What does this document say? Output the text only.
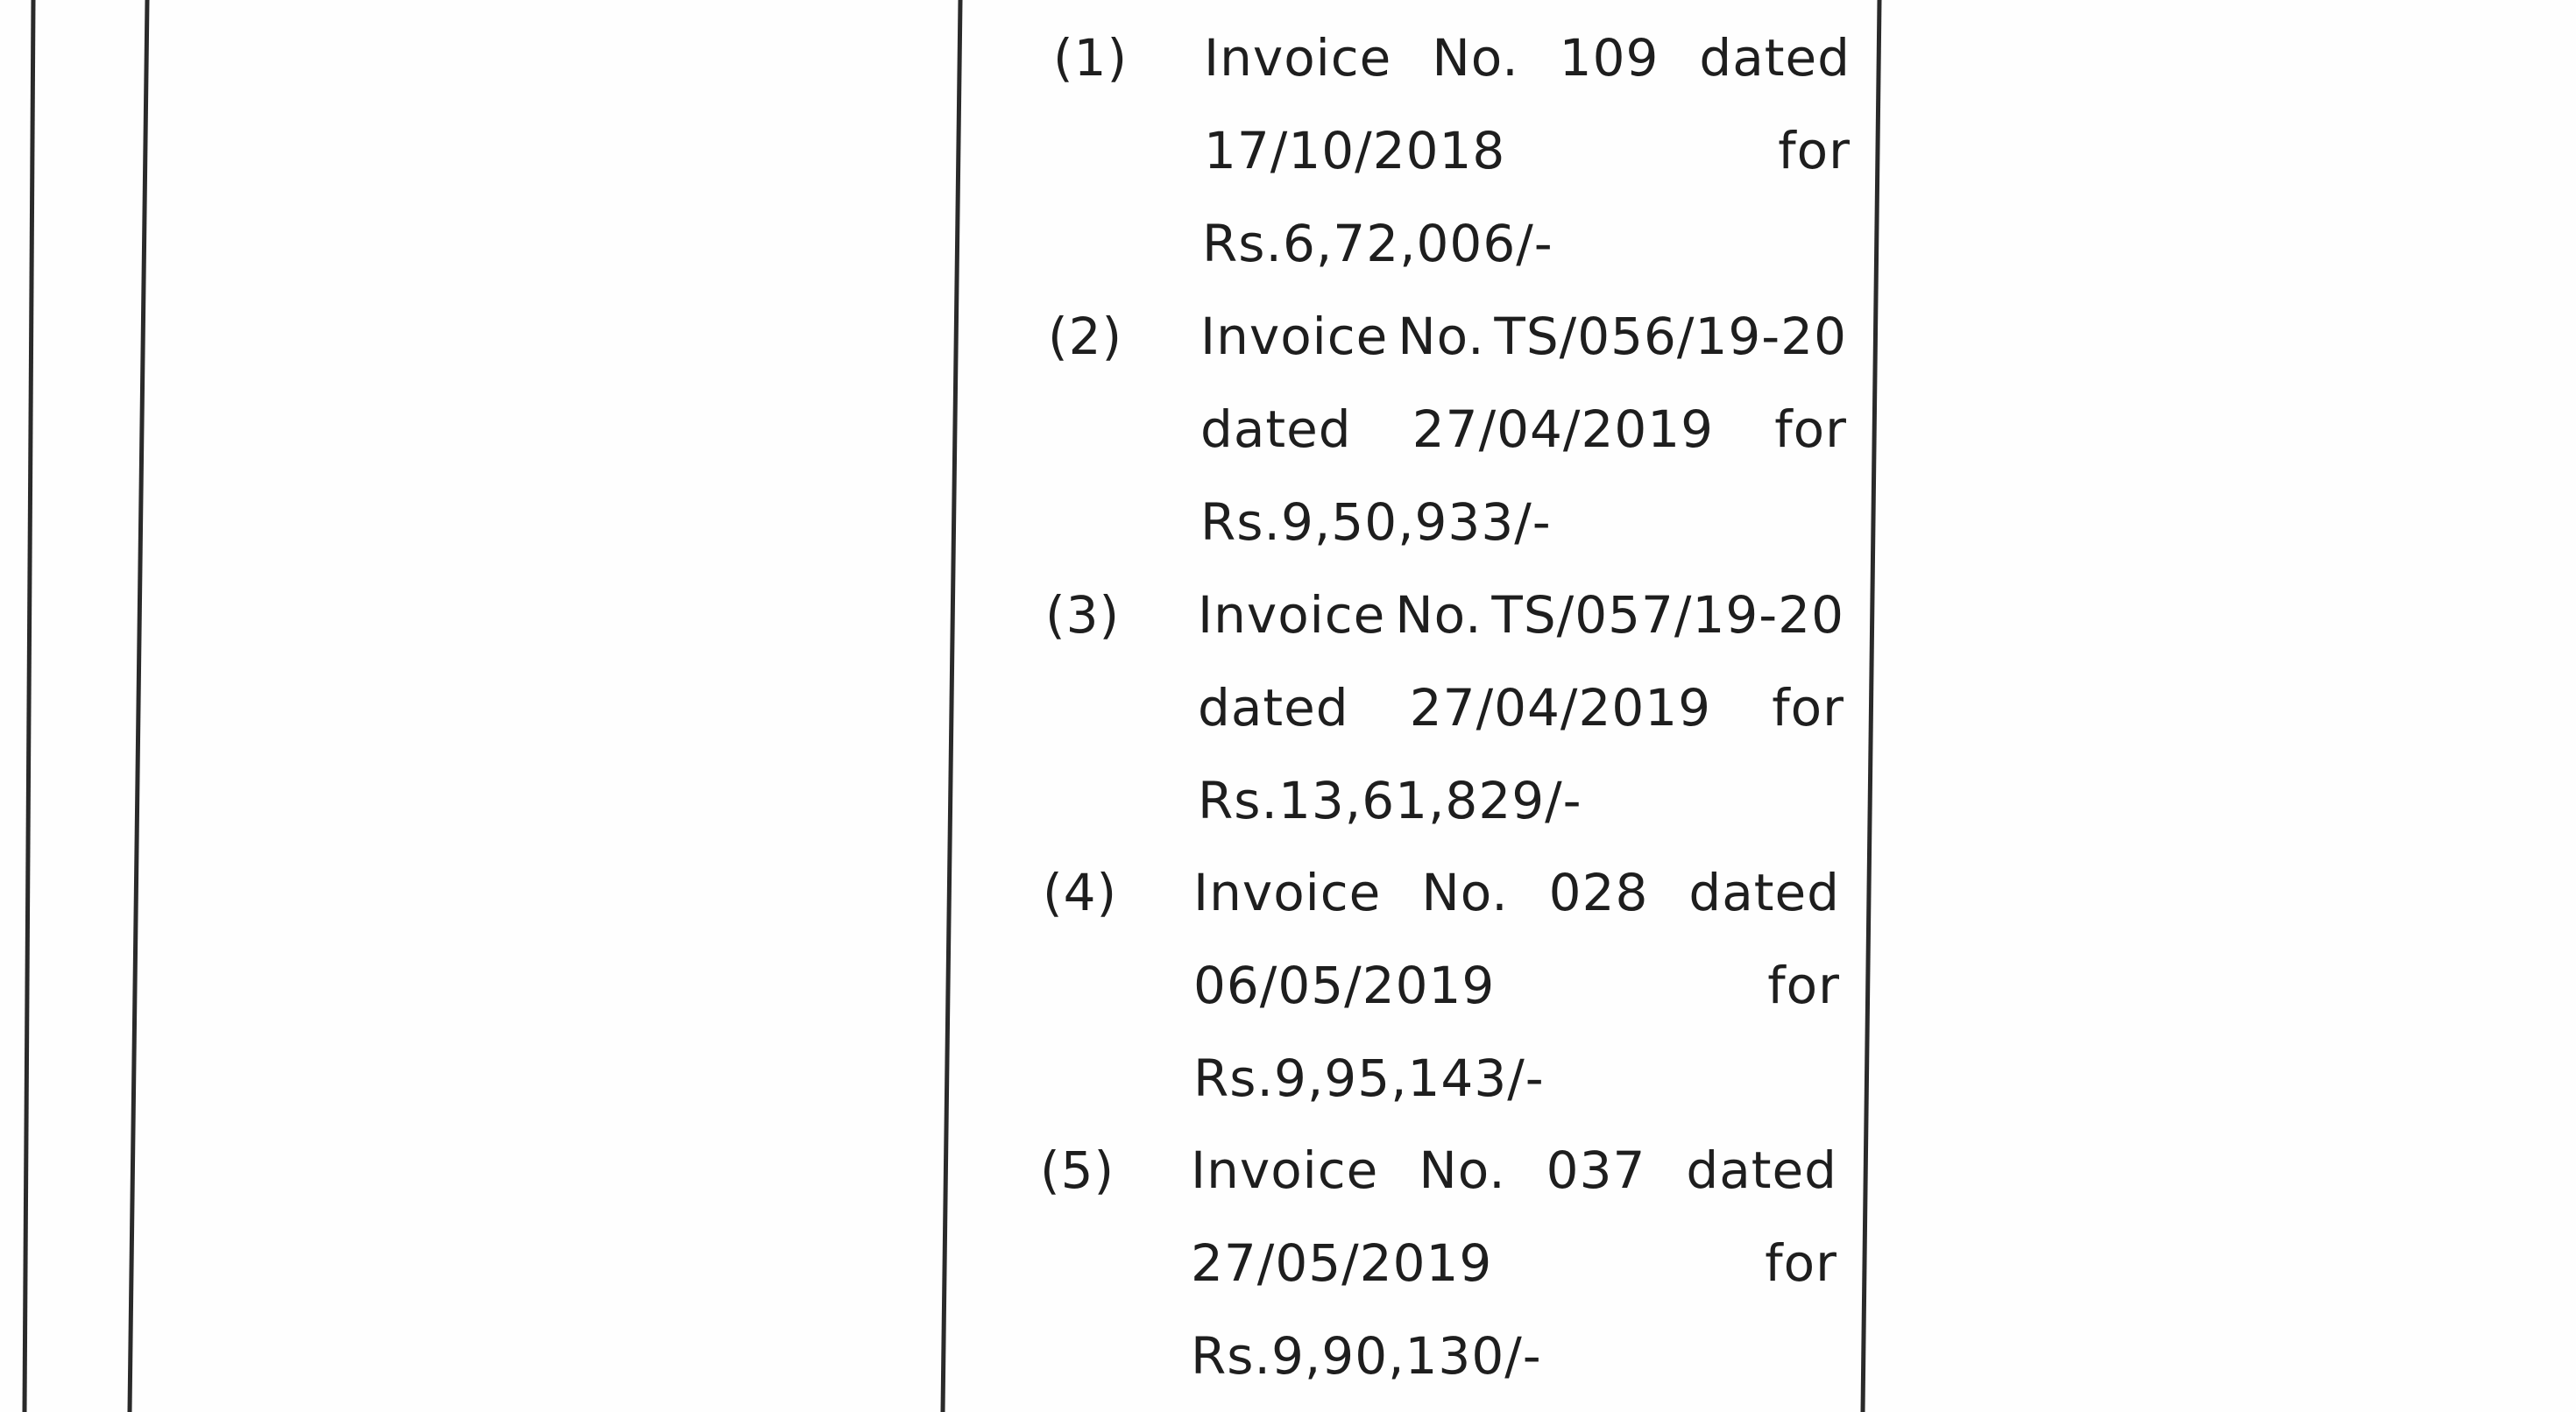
(1) Invoice No. 109 dated
17/10/2018	for
Rs.6,72,006/-
(2) Invoice No. TS/056/19-20
dated 27/04/2019 for
Rs.9,50,933/-
(3) Invoice No. TS/057/19-20
dated 27/04/2019 for
Rs.13,61,829/-
(4) Invoice No. 028 dated
06/05/2019	for
Rs.9,95,143/-
(5) Invoice No. 037 dated
27/05/2019	for
Rs.9,90,130/-
